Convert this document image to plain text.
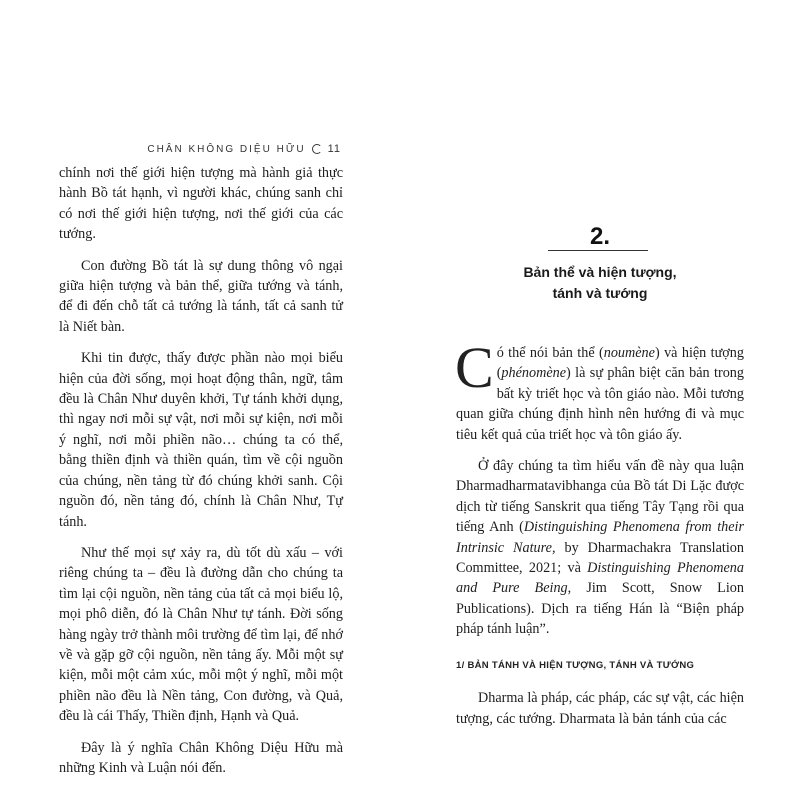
CHÂN KHÔNG DIỆU HỮU 11

chính nơi thế giới hiện tượng mà hành giả thực hành Bồ tát hạnh, vì người khác, chúng sanh chỉ có nơi thế giới hiện tượng, nơi thế giới của các tướng.

Con đường Bồ tát là sự dung thông vô ngại giữa hiện tượng và bản thể, giữa tướng và tánh, để đi đến chỗ tất cả tướng là tánh, tất cả sanh tử là Niết bàn.

Khi tin được, thấy được phần nào mọi biểu hiện của đời sống, mọi hoạt động thân, ngữ, tâm đều là Chân Như duyên khởi, Tự tánh khởi dụng, thì ngay nơi mỗi sự vật, nơi mỗi sự kiện, nơi mỗi ý nghĩ, nơi mỗi phiền não… chúng ta có thể, bằng thiền định và thiền quán, tìm về cội nguồn của chúng, nền tảng từ đó chúng khởi sanh. Cội nguồn đó, nền tảng đó, chính là Chân Như, Tự tánh.

Như thế mọi sự xảy ra, dù tốt dù xấu – với riêng chúng ta – đều là đường dẫn cho chúng ta tìm lại cội nguồn, nền tảng của tất cả mọi biểu lộ, mọi phô diễn, đó là Chân Như tự tánh. Đời sống hàng ngày trở thành môi trường để tìm lại, để nhớ về và gặp gỡ cội nguồn, nền tảng ấy. Mỗi một sự kiện, mỗi một cảm xúc, mỗi một ý nghĩ, mỗi một phiền não đều là Nền tảng, Con đường, và Quả, đều là cái Thấy, Thiền định, Hạnh và Quả.

Đây là ý nghĩa Chân Không Diệu Hữu mà những Kinh và Luận nói đến.

2.
Bản thể và hiện tượng,
tánh và tướng

Có thể nói bản thể (noumène) và hiện tượng (phénomène) là sự phân biệt căn bản trong bất kỳ triết học và tôn giáo nào. Mỗi tương quan giữa chúng định hình nên hướng đi và mục tiêu kết quả của triết học và tôn giáo ấy.

Ở đây chúng ta tìm hiểu vấn đề này qua luận Dharmadharmatavibhanga của Bồ tát Di Lặc được dịch từ tiếng Sanskrit qua tiếng Tây Tạng rồi qua tiếng Anh (Distinguishing Phenomena from their Intrinsic Nature, by Dharmachakra Translation Committee, 2021; và Distinguishing Phenomena and Pure Being, Jim Scott, Snow Lion Publications). Dịch ra tiếng Hán là “Biện pháp pháp tánh luận”.

1/ BẢN TÁNH VÀ HIỆN TƯỢNG, TÁNH VÀ TƯỚNG

Dharma là pháp, các pháp, các sự vật, các hiện tượng, các tướng. Dharmata là bản tánh của các
